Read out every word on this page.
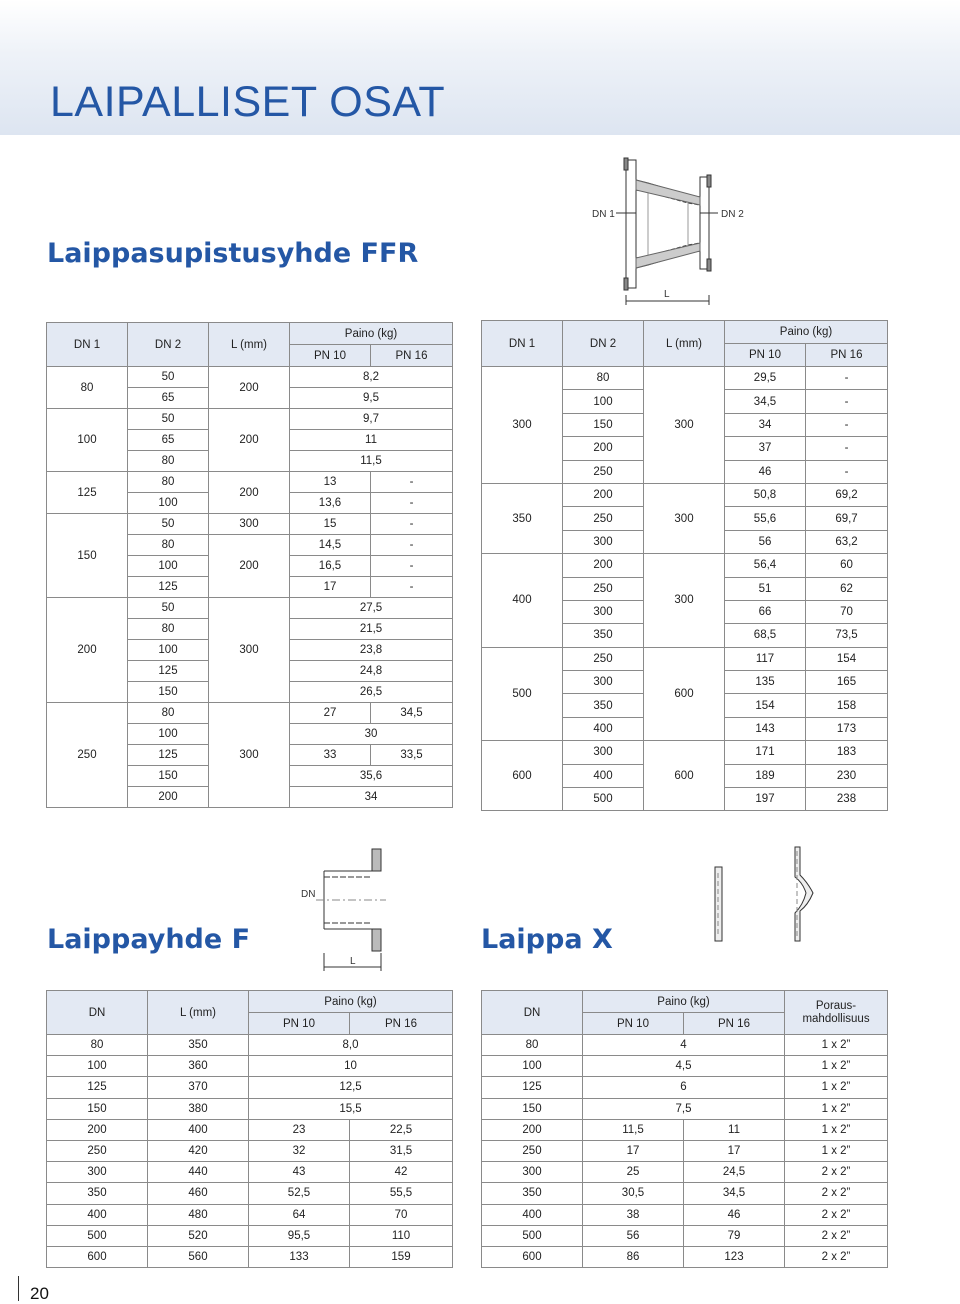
LAIPALLISET OSAT
DN 1	DN 2
L
Laippasupistusyhde FFR
DN 1	DN 2	L (mm)	Paino (kg)	
			PN 10	PN 16
80	50	200	8,2	
	65		9,5	
100	50	200	9,7	
	65		11	
	80		11,5	
125	80	200	13	-
	100		13,6	-
150	50	300	15	-
	80	200	14,5	-
	100		16,5	-
	125		17	-
200	50	300	27,5	
	80		21,5	
	100		23,8	
	125		24,8	
	150		26,5	
250	80	300	27	34,5
	100		30	
	125		33	33,5
	150		35,6	
	200		34	
DN 1	DN 2	L (mm)	Paino (kg)	
			PN 10	PN 16
300	80	300	29,5	-
	100		34,5	-
	150		34	-
	200		37	-
	250		46	-
350	200	300	50,8	69,2
	250		55,6	69,7
	300		56	63,2
400	200	300	56,4	60
	250		51	62
	300		66	70
	350		68,5	73,5
500	250	600	117	154
	300		135	165
	350		154	158
	400		143	173
600	300	600	171	183
	400		189	230
	500		197	238
DN
L
Laippayhde F	Laippa X
DN	L (mm)	Paino (kg)	
		PN 10	PN 16
80	350	8,0	
100	360	10	
125	370	12,5	
150	380	15,5	
200	400	23	22,5
250	420	32	31,5
300	440	43	42
350	460	52,5	55,5
400	480	64	70
500	520	95,5	110
600	560	133	159
DN	Paino (kg)		Poraus-
mahdollisuus

	PN 10	PN 16	
80	4		1 x 2”
100	4,5		1 x 2”
125	6		1 x 2”
150	7,5		1 x 2”
200	11,5	11	1 x 2”
250	17	17	1 x 2”
300	25	24,5	2 x 2”
350	30,5	34,5	2 x 2”
400	38	46	2 x 2”
500	56	79	2 x 2”
600	86	123	2 x 2”
20
